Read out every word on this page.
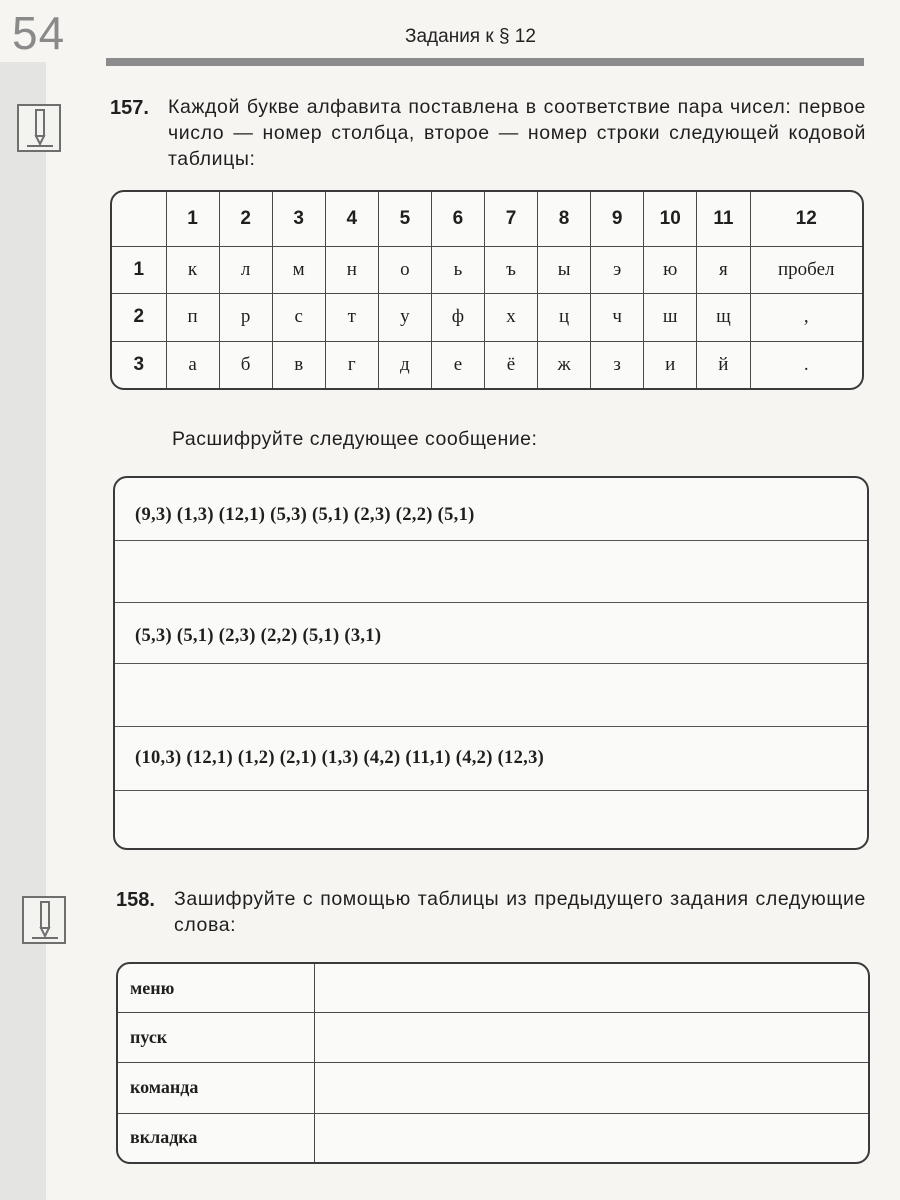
54	Задания к § 12
157. Каждой букве алфавита поставлена в соответствие пара чисел: первое число — номер столбца, второе — номер строки следующей кодовой таблицы:
	1	2	3	4	5	6	7	8	9	10	11	12
1	к	л	м	н	о	ь	ъ	ы	э	ю	я	пробел
2	п	р	с	т	у	ф	х	ц	ч	ш	щ	,
3	а	б	в	г	д	е	ё	ж	з	и	й	.
Расшифруйте следующее сообщение:
(9,3) (1,3) (12,1) (5,3) (5,1) (2,3) (2,2) (5,1)
(5,3) (5,1) (2,3) (2,2) (5,1) (3,1)
(10,3) (12,1) (1,2) (2,1) (1,3) (4,2) (11,1) (4,2) (12,3)
158. Зашифруйте с помощью таблицы из предыдущего задания следующие слова:
меню	
пуск	
команда	
вкладка	
